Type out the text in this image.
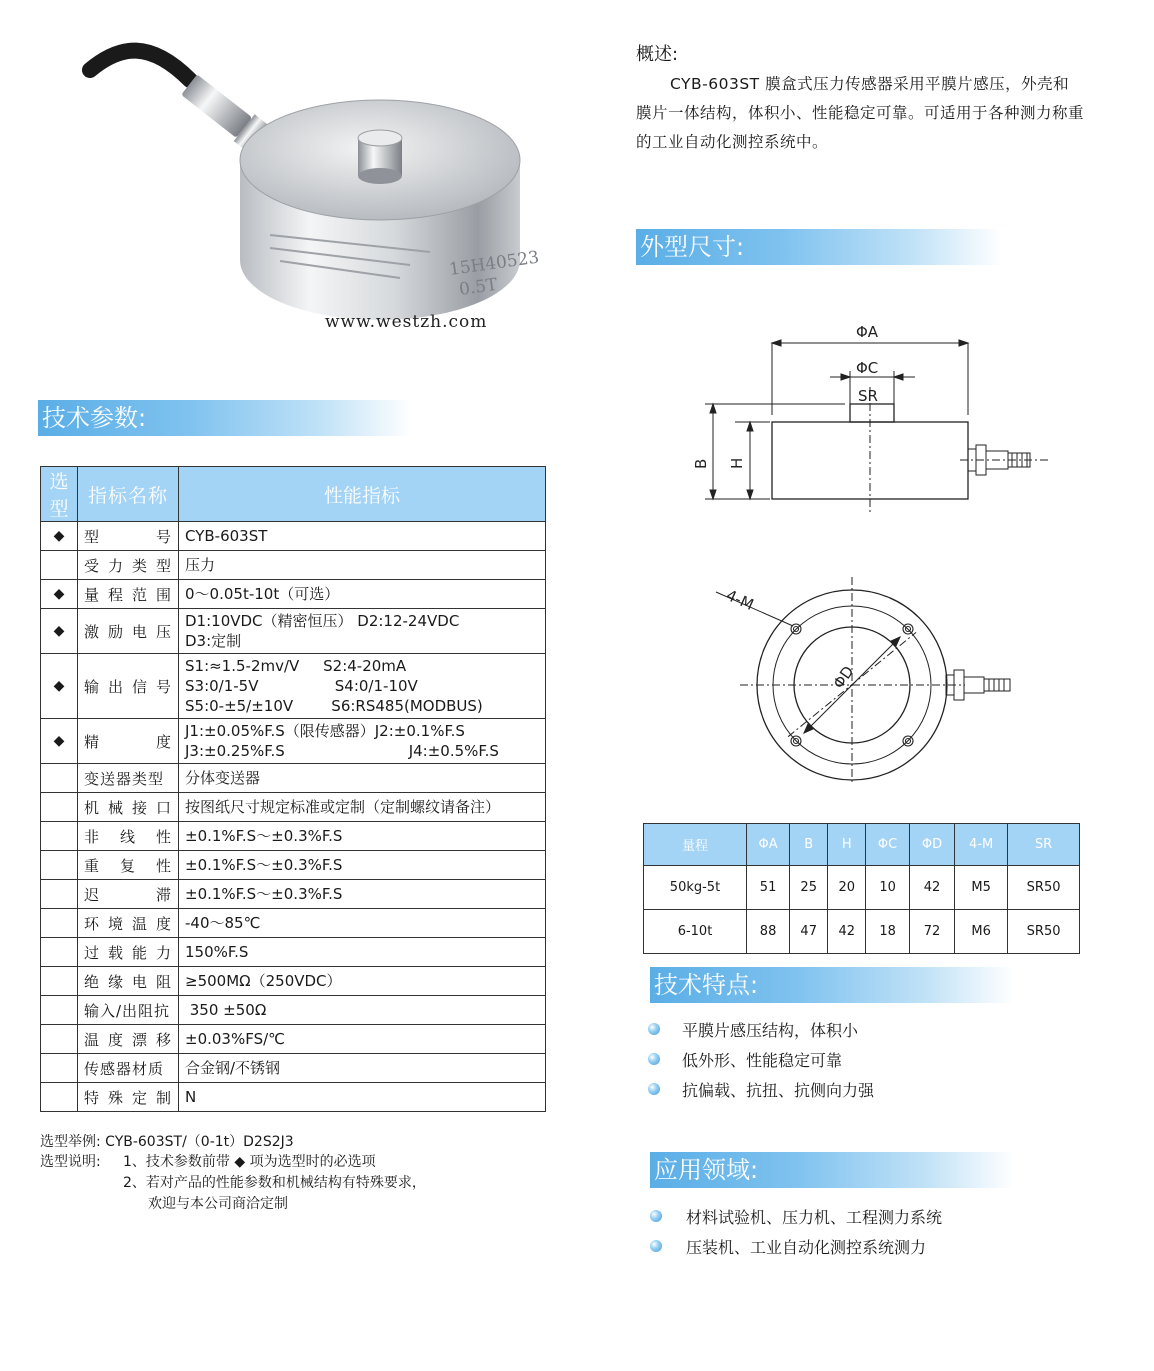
15H40523
0.5T
www.westzh.com
技术参数:
选型	指标名称	性能指标
◆	型号	CYB-603ST

	受力类型	压力

◆	量程范围	0～0.05t-10t（可选）

◆	激励电压	D1:10VDC（精密恒压） D2:12-24VDC
D3:定制

◆	输出信号	S1:≈1.5-2mv/V     S2:4-20mA
S3:0/1-5V                S4:0/1-10V
S5:0-±5/±10V        S6:RS485(MODBUS)

◆	精度	J1:±0.05%F.S（限传感器）J2:±0.1%F.S
J3:±0.25%F.S                          J4:±0.5%F.S

	变送器类型	分体变送器

	机械接口	按图纸尺寸规定标准或定制（定制螺纹请备注）

	非线性	±0.1%F.S～±0.3%F.S

	重复性	±0.1%F.S～±0.3%F.S

	迟滞	±0.1%F.S～±0.3%F.S

	环境温度	-40～85℃

	过载能力	150%F.S

	绝缘电阻	≥500MΩ（250VDC）

	输入/出阻抗	350 ±50Ω

	温度漂移	±0.03%FS/℃

	传感器材质	合金钢/不锈钢

	特殊定制	N
选型举例: CYB-603ST/（0-1t）D2S2J3
选型说明: 1、技术参数前带 ◆ 项为选型时的必选项
2、若对产品的性能参数和机械结构有特殊要求，
欢迎与本公司商洽定制
概述:
CYB-603ST 膜盒式压力传感器采用平膜片感压，外壳和膜片一体结构，体积小、性能稳定可靠。可适用于各种测力称重的工业自动化测控系统中。
外型尺寸:
ΦA
ΦC
SR
B H
ΦD
4-M
量程	ΦA	B	H	ΦC	ΦD	4-M	SR
50kg-5t	51	25	20	10	42	M5	SR50
6-10t	88	47	42	18	72	M6	SR50
技术特点:
平膜片感压结构，体积小
低外形、性能稳定可靠
抗偏载、抗扭、抗侧向力强
应用领域:
材料试验机、压力机、工程测力系统
压装机、工业自动化测控系统测力
